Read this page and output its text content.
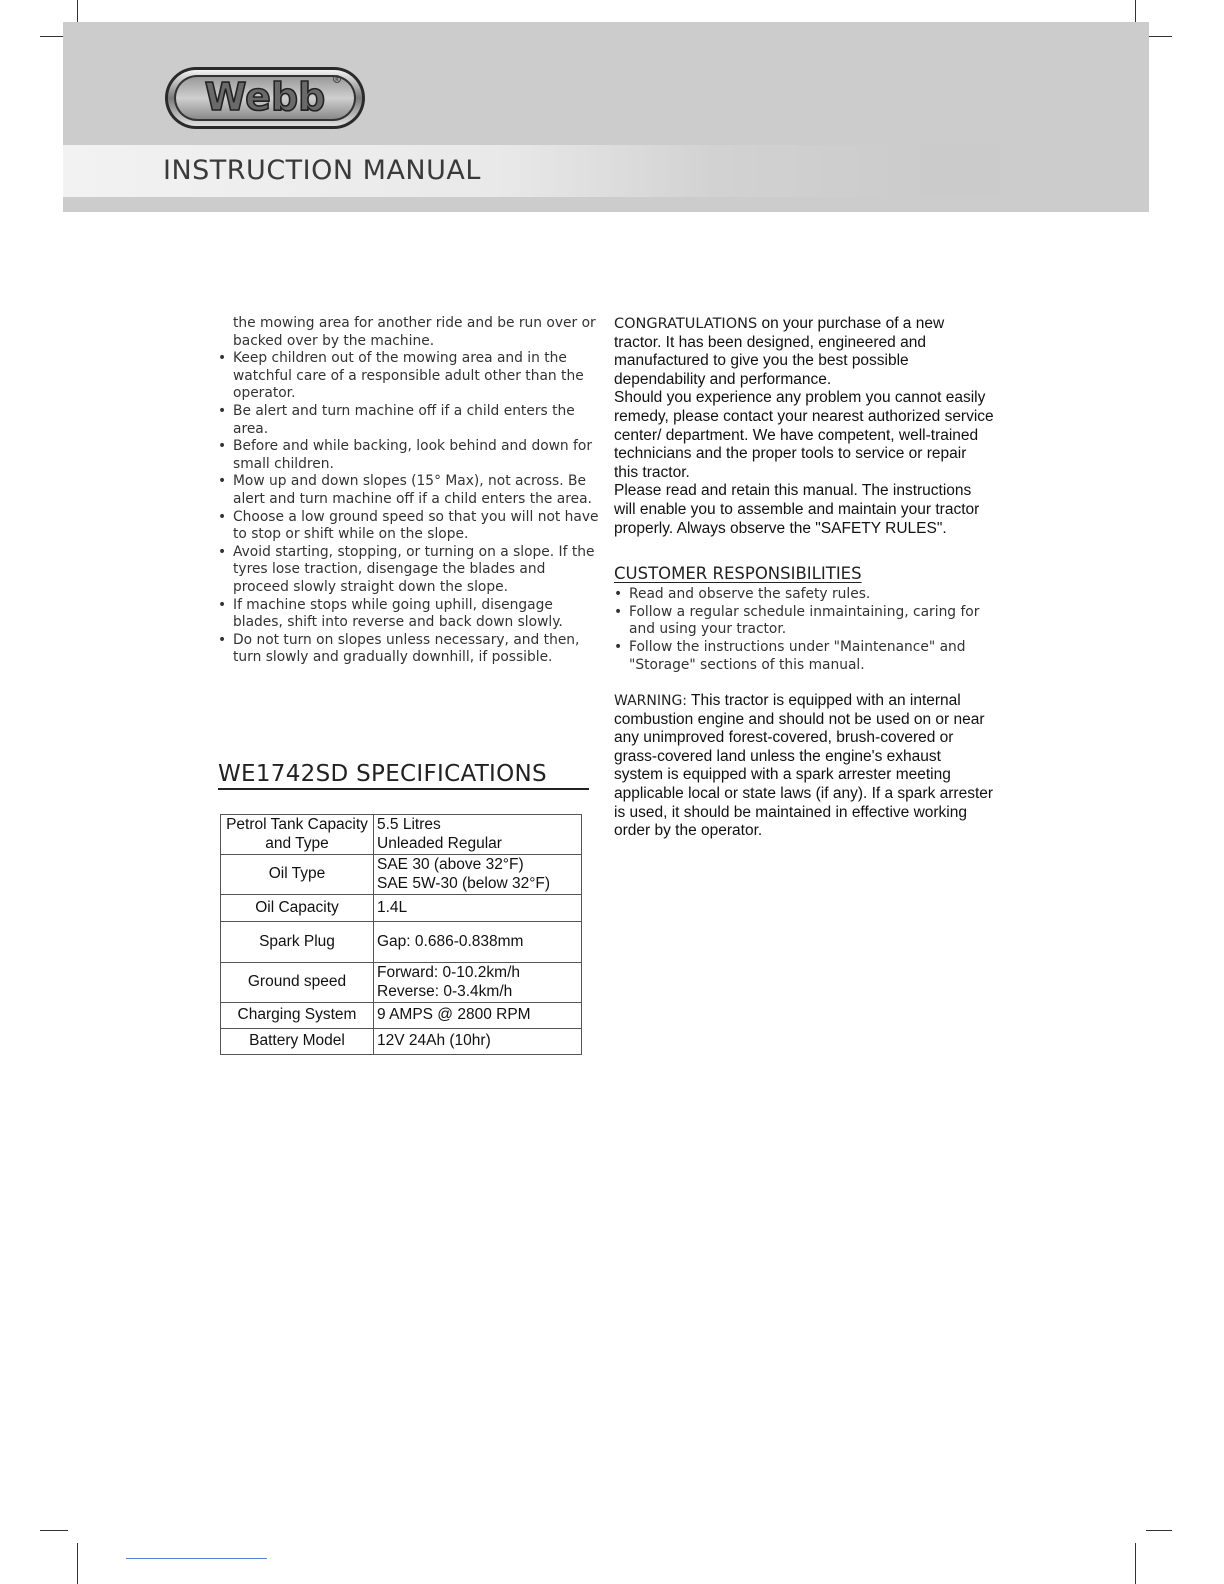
Webb R
INSTRUCTION MANUAL

the mowing area for another ride and be run over or backed over by the machine.

• Keep children out of the mowing area and in the watchful care of a responsible adult other than the operator.
• Be alert and turn machine off if a child enters the area.
• Before and while backing, look behind and down for small children.
• Mow up and down slopes (15° Max), not across. Be alert and turn machine off if a child enters the area.
• Choose a low ground speed so that you will not have to stop or shift while on the slope.
• Avoid starting, stopping, or turning on a slope. If the tyres lose traction, disengage the blades and proceed slowly straight down the slope.
• If machine stops while going uphill, disengage blades, shift into reverse and back down slowly.
• Do not turn on slopes unless necessary, and then, turn slowly and gradually downhill, if possible.
WE1742SD SPECIFICATIONS
Petrol Tank Capacity and Type	5.5 Litres
Unleaded Regular

Oil Type	SAE 30 (above 32°F)
SAE 5W-30 (below 32°F)

Oil Capacity	1.4L
Spark Plug	Gap: 0.686-0.838mm
Ground speed	Forward: 0-10.2km/h
Reverse: 0-3.4km/h

Charging System	9 AMPS @ 2800 RPM
Battery Model	12V 24Ah (10hr)

CONGRATULATIONS on your purchase of a new tractor. It has been designed, engineered and manufactured to give you the best possible dependability and performance.

Should you experience any problem you cannot easily remedy, please contact your nearest authorized service center/ department. We have competent, well-trained technicians and the proper tools to service or repair this tractor.

Please read and retain this manual. The instructions will enable you to assemble and maintain your tractor properly. Always observe the "SAFETY RULES".

CUSTOMER RESPONSIBILITIES
• Read and observe the safety rules.
• Follow a regular schedule inmaintaining, caring for and using your tractor.
• Follow the instructions under "Maintenance" and "Storage" sections of this manual.

WARNING: This tractor is equipped with an internal combustion engine and should not be used on or near any unimproved forest-covered, brush-covered or grass-covered land unless the engine's exhaust system is equipped with a spark arrester meeting applicable local or state laws (if any). If a spark arrester is used, it should be maintained in effective working order by the operator.
